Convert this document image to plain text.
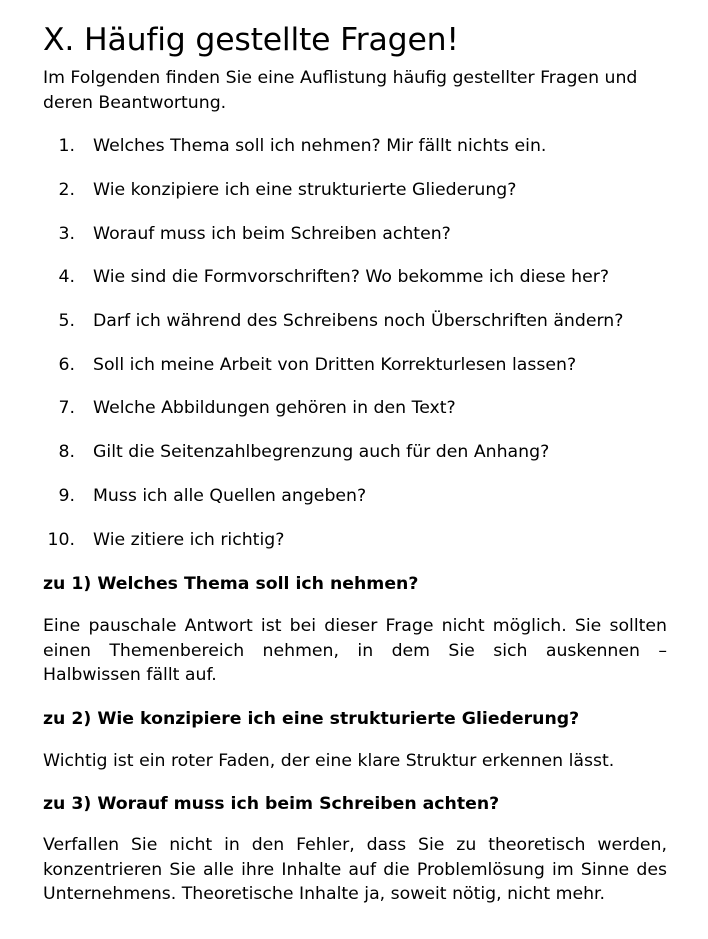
X. Häufig gestellte Fragen!

Im Folgenden finden Sie eine Auflistung häufig gestellter Fragen und deren Beantwortung.

1. Welches Thema soll ich nehmen? Mir fällt nichts ein.
2. Wie konzipiere ich eine strukturierte Gliederung?
3. Worauf muss ich beim Schreiben achten?
4. Wie sind die Formvorschriften? Wo bekomme ich diese her?
5. Darf ich während des Schreibens noch Überschriften ändern?
6. Soll ich meine Arbeit von Dritten Korrekturlesen lassen?
7. Welche Abbildungen gehören in den Text?
8. Gilt die Seitenzahlbegrenzung auch für den Anhang?
9. Muss ich alle Quellen angeben?
10. Wie zitiere ich richtig?
zu 1) Welches Thema soll ich nehmen?

Eine pauschale Antwort ist bei dieser Frage nicht möglich. Sie sollten einen Themenbereich nehmen, in dem Sie sich auskennen – Halbwissen fällt auf.

zu 2) Wie konzipiere ich eine strukturierte Gliederung?

Wichtig ist ein roter Faden, der eine klare Struktur erkennen lässt.

zu 3) Worauf muss ich beim Schreiben achten?

Verfallen Sie nicht in den Fehler, dass Sie zu theoretisch werden, konzentrieren Sie alle ihre Inhalte auf die Problemlösung im Sinne des Unternehmens. Theoretische Inhalte ja, soweit nötig, nicht mehr.
